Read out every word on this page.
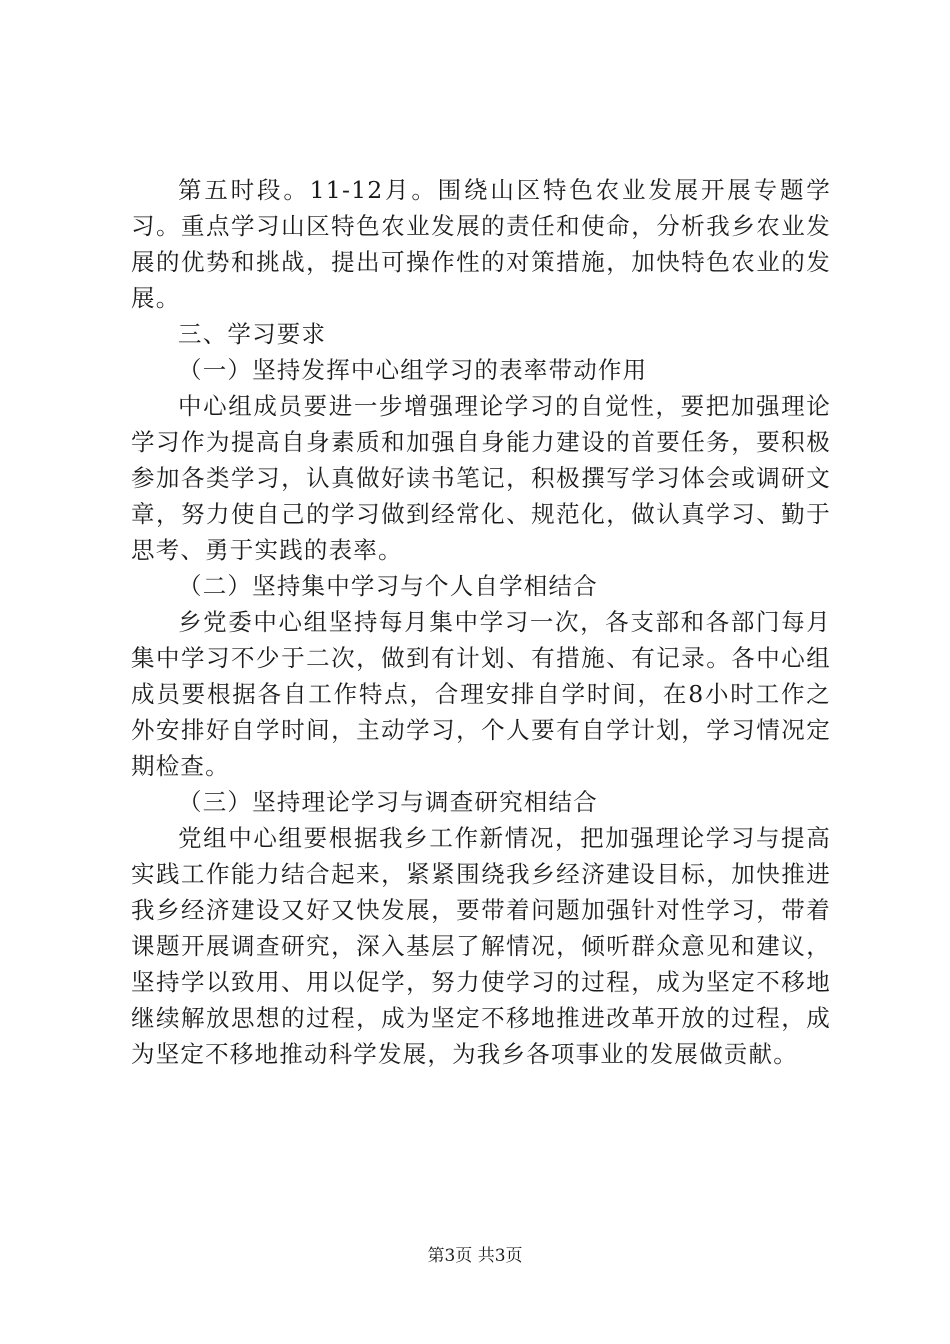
第五时段。11-12月。围绕山区特色农业发展开展专题学习。重点学习山区特色农业发展的责任和使命，分析我乡农业发展的优势和挑战，提出可操作性的对策措施，加快特色农业的发展。

三、学习要求

（一）坚持发挥中心组学习的表率带动作用

中心组成员要进一步增强理论学习的自觉性，要把加强理论学习作为提高自身素质和加强自身能力建设的首要任务，要积极参加各类学习，认真做好读书笔记，积极撰写学习体会或调研文章，努力使自己的学习做到经常化、规范化，做认真学习、勤于思考、勇于实践的表率。

（二）坚持集中学习与个人自学相结合

乡党委中心组坚持每月集中学习一次，各支部和各部门每月集中学习不少于二次，做到有计划、有措施、有记录。各中心组成员要根据各自工作特点，合理安排自学时间，在8小时工作之外安排好自学时间，主动学习，个人要有自学计划，学习情况定期检查。

（三）坚持理论学习与调查研究相结合

党组中心组要根据我乡工作新情况，把加强理论学习与提高实践工作能力结合起来，紧紧围绕我乡经济建设目标，加快推进我乡经济建设又好又快发展，要带着问题加强针对性学习，带着课题开展调查研究，深入基层了解情况，倾听群众意见和建议，坚持学以致用、用以促学，努力使学习的过程，成为坚定不移地继续解放思想的过程，成为坚定不移地推进改革开放的过程，成为坚定不移地推动科学发展，为我乡各项事业的发展做贡献。

第3页 共3页
